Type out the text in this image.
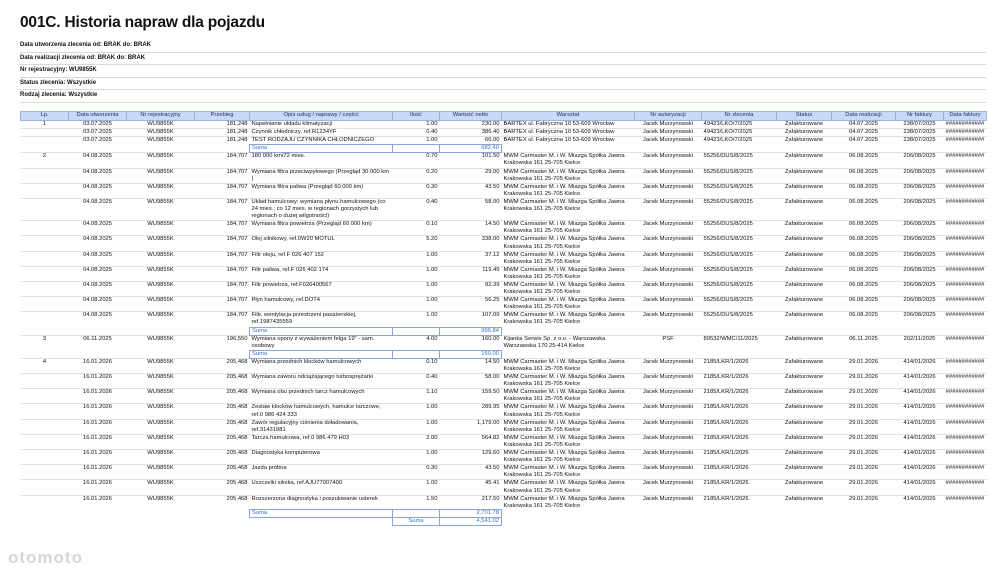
001C. Historia napraw dla pojazdu
Data utworzenia zlecenia od: BRAK do: BRAK
Data realizacji zlecenia od: BRAK do: BRAK
Nr rejestracyjny: WU9855K
Status zlecenia: Wszystkie
Rodzaj zlecenia: Wszystkie
Lp.	Data utworzenia	Nr rejestracyjny	Przebieg	Opis usług / naprawy / części	Ilość	Wartość netto	Warsztat	Nr autoryzacji	Nr zlecenia	Status	Data realizacji	Nr faktury	Data faktury
1	03.07.2025	WU9855K	181,248	Napełnianie układu klimatyzacji	1.00	230.00	BARTEX ul. Fabryczna 10 53-609 Wrocław	Jacek Murzynowski	49423/LKO/7/2025	Zafakturowane	04.07.2025	238/07/2025	############
	03.07.2025	WU9855K	181,248	Czynnik chłodniczy, ref.R1234YF	0.40	386.40	BARTEX ul. Fabryczna 10 53-609 Wrocław	Jacek Murzynowski	49423/LKO/7/2025	Zafakturowane	04.07.2025	238/07/2025	############
	03.07.2025	WU9855K	181,248	TEST RODZAJU CZYNNIKA CHŁODNICZEGO	1.00	66.00	BARTEX ul. Fabryczna 10 53-609 Wrocław	Jacek Murzynowski	49423/LKO/7/2025	Zafakturowane	04.07.2025	238/07/2025	############
				Suma		682.40							
2	04.08.2025	WU9855K	184,707	180 000 km/72 mies.	0.70	101.50	MWM Carmaster M. i W. Miazga Spółka Jawna Krakowska 161 25-705 Kielce	Jacek Murzynowski	55256/DUS/8/2025	Zafakturowane	06.08.2025	206/08/2025	############
	04.08.2025	WU9855K	184,707	Wymiana filtra przeciwpyłowego (Przegląd 30 000 km )	0.20	29.00	MWM Carmaster M. i W. Miazga Spółka Jawna Krakowska 161 25-705 Kielce	Jacek Murzynowski	55256/DUS/8/2025	Zafakturowane	06.08.2025	206/08/2025	############
	04.08.2025	WU9855K	184,707	Wymiana filtra paliwa (Przegląd 60 000 km)	0.30	43.50	MWM Carmaster M. i W. Miazga Spółka Jawna Krakowska 161 25-705 Kielce	Jacek Murzynowski	55256/DUS/8/2025	Zafakturowane	06.08.2025	206/08/2025	############
	04.08.2025	WU9855K	184,707	Układ hamulcowy: wymiana płynu hamulcowego (co 24 mies.; co 12 mies. w regionach gorzystych lub regionach o dużej wilgotności)	0.40	58.00	MWM Carmaster M. i W. Miazga Spółka Jawna Krakowska 161 25-705 Kielce	Jacek Murzynowski	55256/DUS/8/2025	Zafakturowane	06.08.2025	206/08/2025	############
	04.08.2025	WU9855K	184,707	Wymiana filtra powietrza (Przegląd 60 000 km)	0.10	14.50	MWM Carmaster M. i W. Miazga Spółka Jawna Krakowska 161 25-705 Kielce	Jacek Murzynowski	55256/DUS/8/2025	Zafakturowane	06.08.2025	206/08/2025	############
	04.08.2025	WU9855K	184,707	Olej silnikowy, ref.0W20 MOTUL	5.20	338.00	MWM Carmaster M. i W. Miazga Spółka Jawna Krakowska 161 25-705 Kielce	Jacek Murzynowski	55256/DUS/8/2025	Zafakturowane	06.08.2025	206/08/2025	############
	04.08.2025	WU9855K	184,707	Filtr oleju, ref.F 026 407 152	1.00	37.12	MWM Carmaster M. i W. Miazga Spółka Jawna Krakowska 161 25-705 Kielce	Jacek Murzynowski	55256/DUS/8/2025	Zafakturowane	06.08.2025	206/08/2025	############
	04.08.2025	WU9855K	184,707	Filtr paliwa, ref.F 026 402 174	1.00	119.49	MWM Carmaster M. i W. Miazga Spółka Jawna Krakowska 161 25-705 Kielce	Jacek Murzynowski	55256/DUS/8/2025	Zafakturowane	06.08.2025	206/08/2025	############
	04.08.2025	WU9855K	184,707	Filtr powietrza, ref.F026400567	1.00	92.39	MWM Carmaster M. i W. Miazga Spółka Jawna Krakowska 161 25-705 Kielce	Jacek Murzynowski	55256/DUS/8/2025	Zafakturowane	06.08.2025	206/08/2025	############
	04.08.2025	WU9855K	184,707	Płyn hamulcowy, ref.DOT4	1.00	56.25	MWM Carmaster M. i W. Miazga Spółka Jawna Krakowska 161 25-705 Kielce	Jacek Murzynowski	55256/DUS/8/2025	Zafakturowane	06.08.2025	206/08/2025	############
	04.08.2025	WU9855K	184,707	Filtr. wentylacja przestrzeni pasażerskiej, ref.1987435559	1.00	107.09	MWM Carmaster M. i W. Miazga Spółka Jawna Krakowska 161 25-705 Kielce	Jacek Murzynowski	55256/DUS/8/2025	Zafakturowane	06.08.2025	206/08/2025	############
				Suma		996.84							
3	06.11.2025	WU9855K	196,550	Wymiana opony z wyważeniem felga 19" - sam. osobowy	4.00	160.00	Kijanka Serwis Sp. z o.o. - Warszawska Warszawska 170 25-414 Kielce	PSF	89532/WMC/11/2025	Zafakturowane	06.11.2025	202/11/2025	############
				Suma		160.00							
4	16.01.2026	WU9855K	205,468	Wymiana przednich klocków hamulcowych	0.10	14.50	MWM Carmaster M. i W. Miazga Spółka Jawna Krakowska 161 25-705 Kielce	Jacek Murzynowski	2185/LKR/1/2026	Zafakturowane	29.01.2026	414/01/2026	############
	16.01.2026	WU9855K	205,468	Wymiana zaworu odciążającego turbosprężarki	0.40	58.00	MWM Carmaster M. i W. Miazga Spółka Jawna Krakowska 161 25-705 Kielce	Jacek Murzynowski	2185/LKR/1/2026	Zafakturowane	29.01.2026	414/01/2026	############
	16.01.2026	WU9855K	205,468	Wymiana obu przednich tarcz hamulcowych	1.10	159.50	MWM Carmaster M. i W. Miazga Spółka Jawna Krakowska 161 25-705 Kielce	Jacek Murzynowski	2185/LKR/1/2026	Zafakturowane	29.01.2026	414/01/2026	############
	16.01.2026	WU9855K	205,468	Zestaw klocków hamulcowych, hamulce tarczowe, ref.0 986 424 333	1.00	289.95	MWM Carmaster M. i W. Miazga Spółka Jawna Krakowska 161 25-705 Kielce	Jacek Murzynowski	2185/LKR/1/2026	Zafakturowane	29.01.2026	414/01/2026	############
	16.01.2026	WU9855K	205,468	Zawór regulacyjny ciśnienia doładowania, ref.31431981	1.00	1,179.00	MWM Carmaster M. i W. Miazga Spółka Jawna Krakowska 161 25-705 Kielce	Jacek Murzynowski	2185/LKR/1/2026	Zafakturowane	29.01.2026	414/01/2026	############
	16.01.2026	WU9855K	205,468	Tarcza hamulcowa, ref.0 986 479 H03	2.00	564.82	MWM Carmaster M. i W. Miazga Spółka Jawna Krakowska 161 25-705 Kielce	Jacek Murzynowski	2185/LKR/1/2026	Zafakturowane	29.01.2026	414/01/2026	############
	16.01.2026	WU9855K	205,468	Diagnostyka komputerowa	1.00	129.60	MWM Carmaster M. i W. Miazga Spółka Jawna Krakowska 161 25-705 Kielce	Jacek Murzynowski	2185/LKR/1/2026	Zafakturowane	29.01.2026	414/01/2026	############
	16.01.2026	WU9855K	205,468	Jazda próbna	0.30	43.50	MWM Carmaster M. i W. Miazga Spółka Jawna Krakowska 161 25-705 Kielce	Jacek Murzynowski	2185/LKR/1/2026	Zafakturowane	29.01.2026	414/01/2026	############
	16.01.2026	WU9855K	205,468	Uszczelki silnika, ref.AJU77007400	1.00	45.41	MWM Carmaster M. i W. Miazga Spółka Jawna Krakowska 161 25-705 Kielce	Jacek Murzynowski	2185/LKR/1/2026	Zafakturowane	29.01.2026	414/01/2026	############
	16.01.2026	WU9855K	205,468	Rozszerzona diagnostyka i poszukiwanie usterek	1.50	217.50	MWM Carmaster M. i W. Miazga Spółka Jawna Krakowska 161 25-705 Kielce	Jacek Murzynowski	2185/LKR/1/2026	Zafakturowane	29.01.2026	414/01/2026	############
				Suma		2,701.78							
					Suma	4,541.02							
otomoto
